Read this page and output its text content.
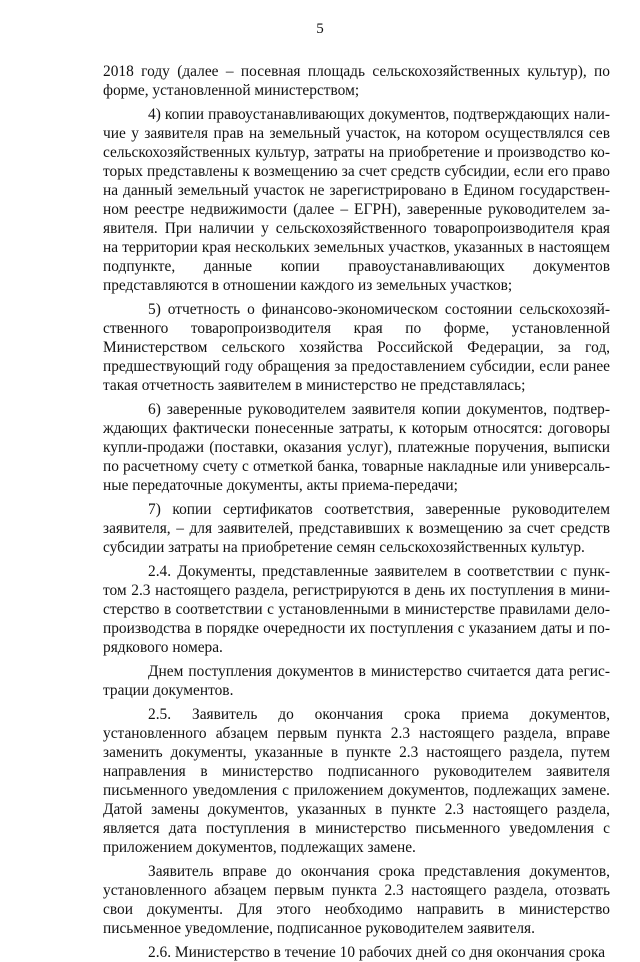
5

2018 году (далее – посевная площадь сельскохозяйственных культур), по форме, установленной министерством;

4) копии правоустанавливающих документов, подтверждающих наличие у заявителя прав на земельный участок, на котором осуществлялся сев сельскохозяйственных культур, затраты на приобретение и производство которых представлены к возмещению за счет средств субсидии, если его право на данный земельный участок не зарегистрировано в Едином государственном реестре недвижимости (далее – ЕГРН), заверенные руководителем заявителя. При наличии у сельскохозяйственного товаропроизводителя края на территории края нескольких земельных участков, указанных в настоящем подпункте, данные копии правоустанавливающих документов представляются в отношении каждого из земельных участков;

5) отчетность о финансово-экономическом состоянии сельскохозяйственного товаропроизводителя края по форме, установленной Министерством сельского хозяйства Российской Федерации, за год, предшествующий году обращения за предоставлением субсидии, если ранее такая отчетность заявителем в министерство не представлялась;

6) заверенные руководителем заявителя копии документов, подтверждающих фактически понесенные затраты, к которым относятся: договоры купли-продажи (поставки, оказания услуг), платежные поручения, выписки по расчетному счету с отметкой банка, товарные накладные или универсальные передаточные документы, акты приема-передачи;

7) копии сертификатов соответствия, заверенные руководителем заявителя, – для заявителей, представивших к возмещению за счет средств субсидии затраты на приобретение семян сельскохозяйственных культур.

2.4. Документы, представленные заявителем в соответствии с пунктом 2.3 настоящего раздела, регистрируются в день их поступления в министерство в соответствии с установленными в министерстве правилами делопроизводства в порядке очередности их поступления с указанием даты и порядкового номера.

Днем поступления документов в министерство считается дата регистрации документов.

2.5. Заявитель до окончания срока приема документов, установленного абзацем первым пункта 2.3 настоящего раздела, вправе заменить документы, указанные в пункте 2.3 настоящего раздела, путем направления в министерство подписанного руководителем заявителя письменного уведомления с приложением документов, подлежащих замене. Датой замены документов, указанных в пункте 2.3 настоящего раздела, является дата поступления в министерство письменного уведомления с приложением документов, подлежащих замене.

Заявитель вправе до окончания срока представления документов, установленного абзацем первым пункта 2.3 настоящего раздела, отозвать свои документы. Для этого необходимо направить в министерство письменное уведомление, подписанное руководителем заявителя.

2.6. Министерство в течение 10 рабочих дней со дня окончания срока
